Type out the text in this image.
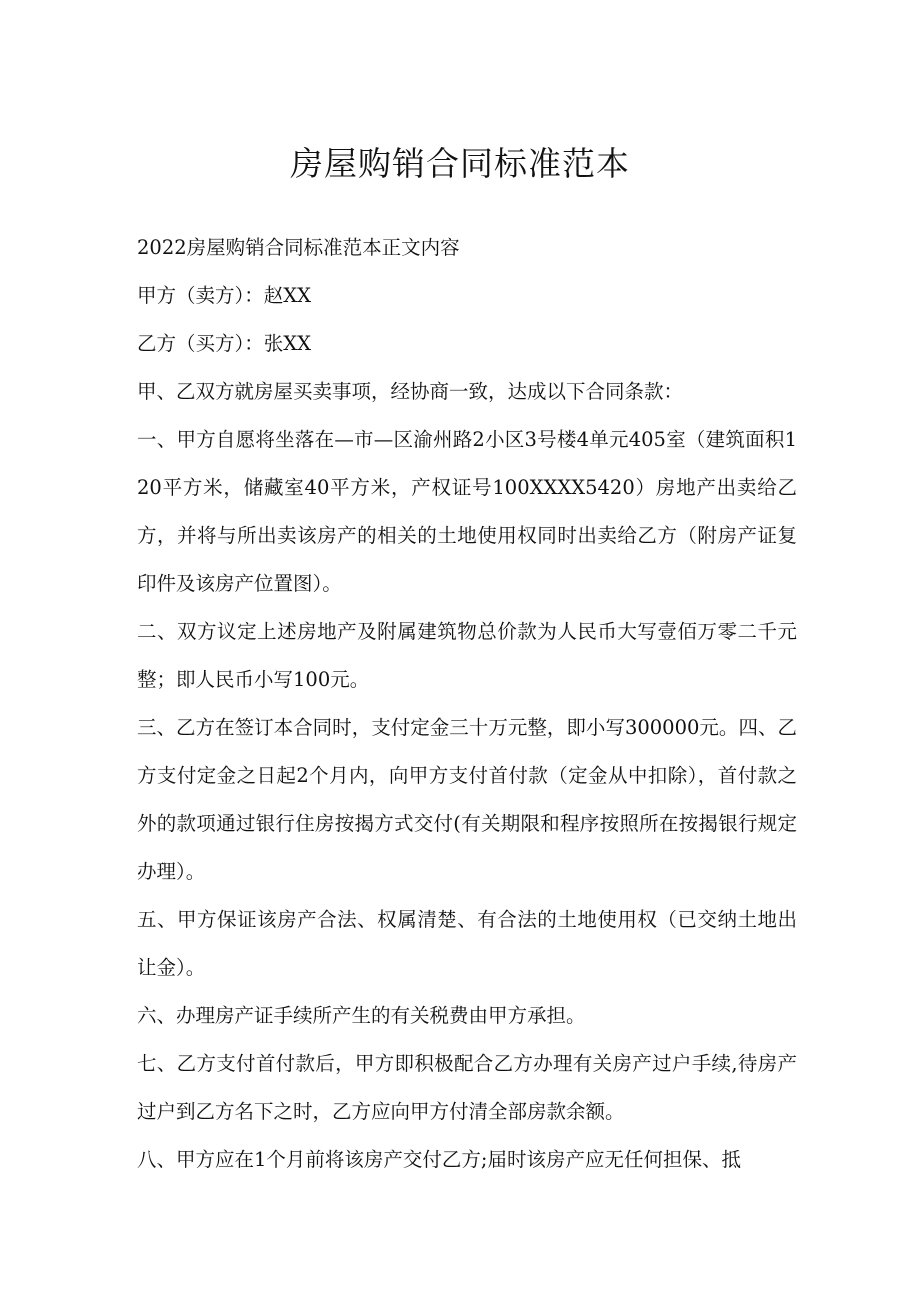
房屋购销合同标准范本

2022房屋购销合同标准范本正文内容

甲方（卖方）：赵XX

乙方（买方）：张XX

甲、乙双方就房屋买卖事项，经协商一致，达成以下合同条款：

一、甲方自愿将坐落在—市—区渝州路2小区3号楼4单元405室（建筑面积120平方米，储藏室40平方米，产权证号100XXXX5420）房地产出卖给乙方，并将与所出卖该房产的相关的土地使用权同时出卖给乙方（附房产证复印件及该房产位置图）。

二、双方议定上述房地产及附属建筑物总价款为人民币大写壹佰万零二千元整；即人民币小写100元。

三、乙方在签订本合同时，支付定金三十万元整，即小写300000元。四、乙方支付定金之日起2个月内，向甲方支付首付款（定金从中扣除），首付款之外的款项通过银行住房按揭方式交付(有关期限和程序按照所在按揭银行规定办理）。

五、甲方保证该房产合法、权属清楚、有合法的土地使用权（已交纳土地出让金）。

六、办理房产证手续所产生的有关税费由甲方承担。

七、乙方支付首付款后，甲方即积极配合乙方办理有关房产过户手续,待房产过户到乙方名下之时，乙方应向甲方付清全部房款余额。

八、甲方应在1个月前将该房产交付乙方;届时该房产应无任何担保、抵
